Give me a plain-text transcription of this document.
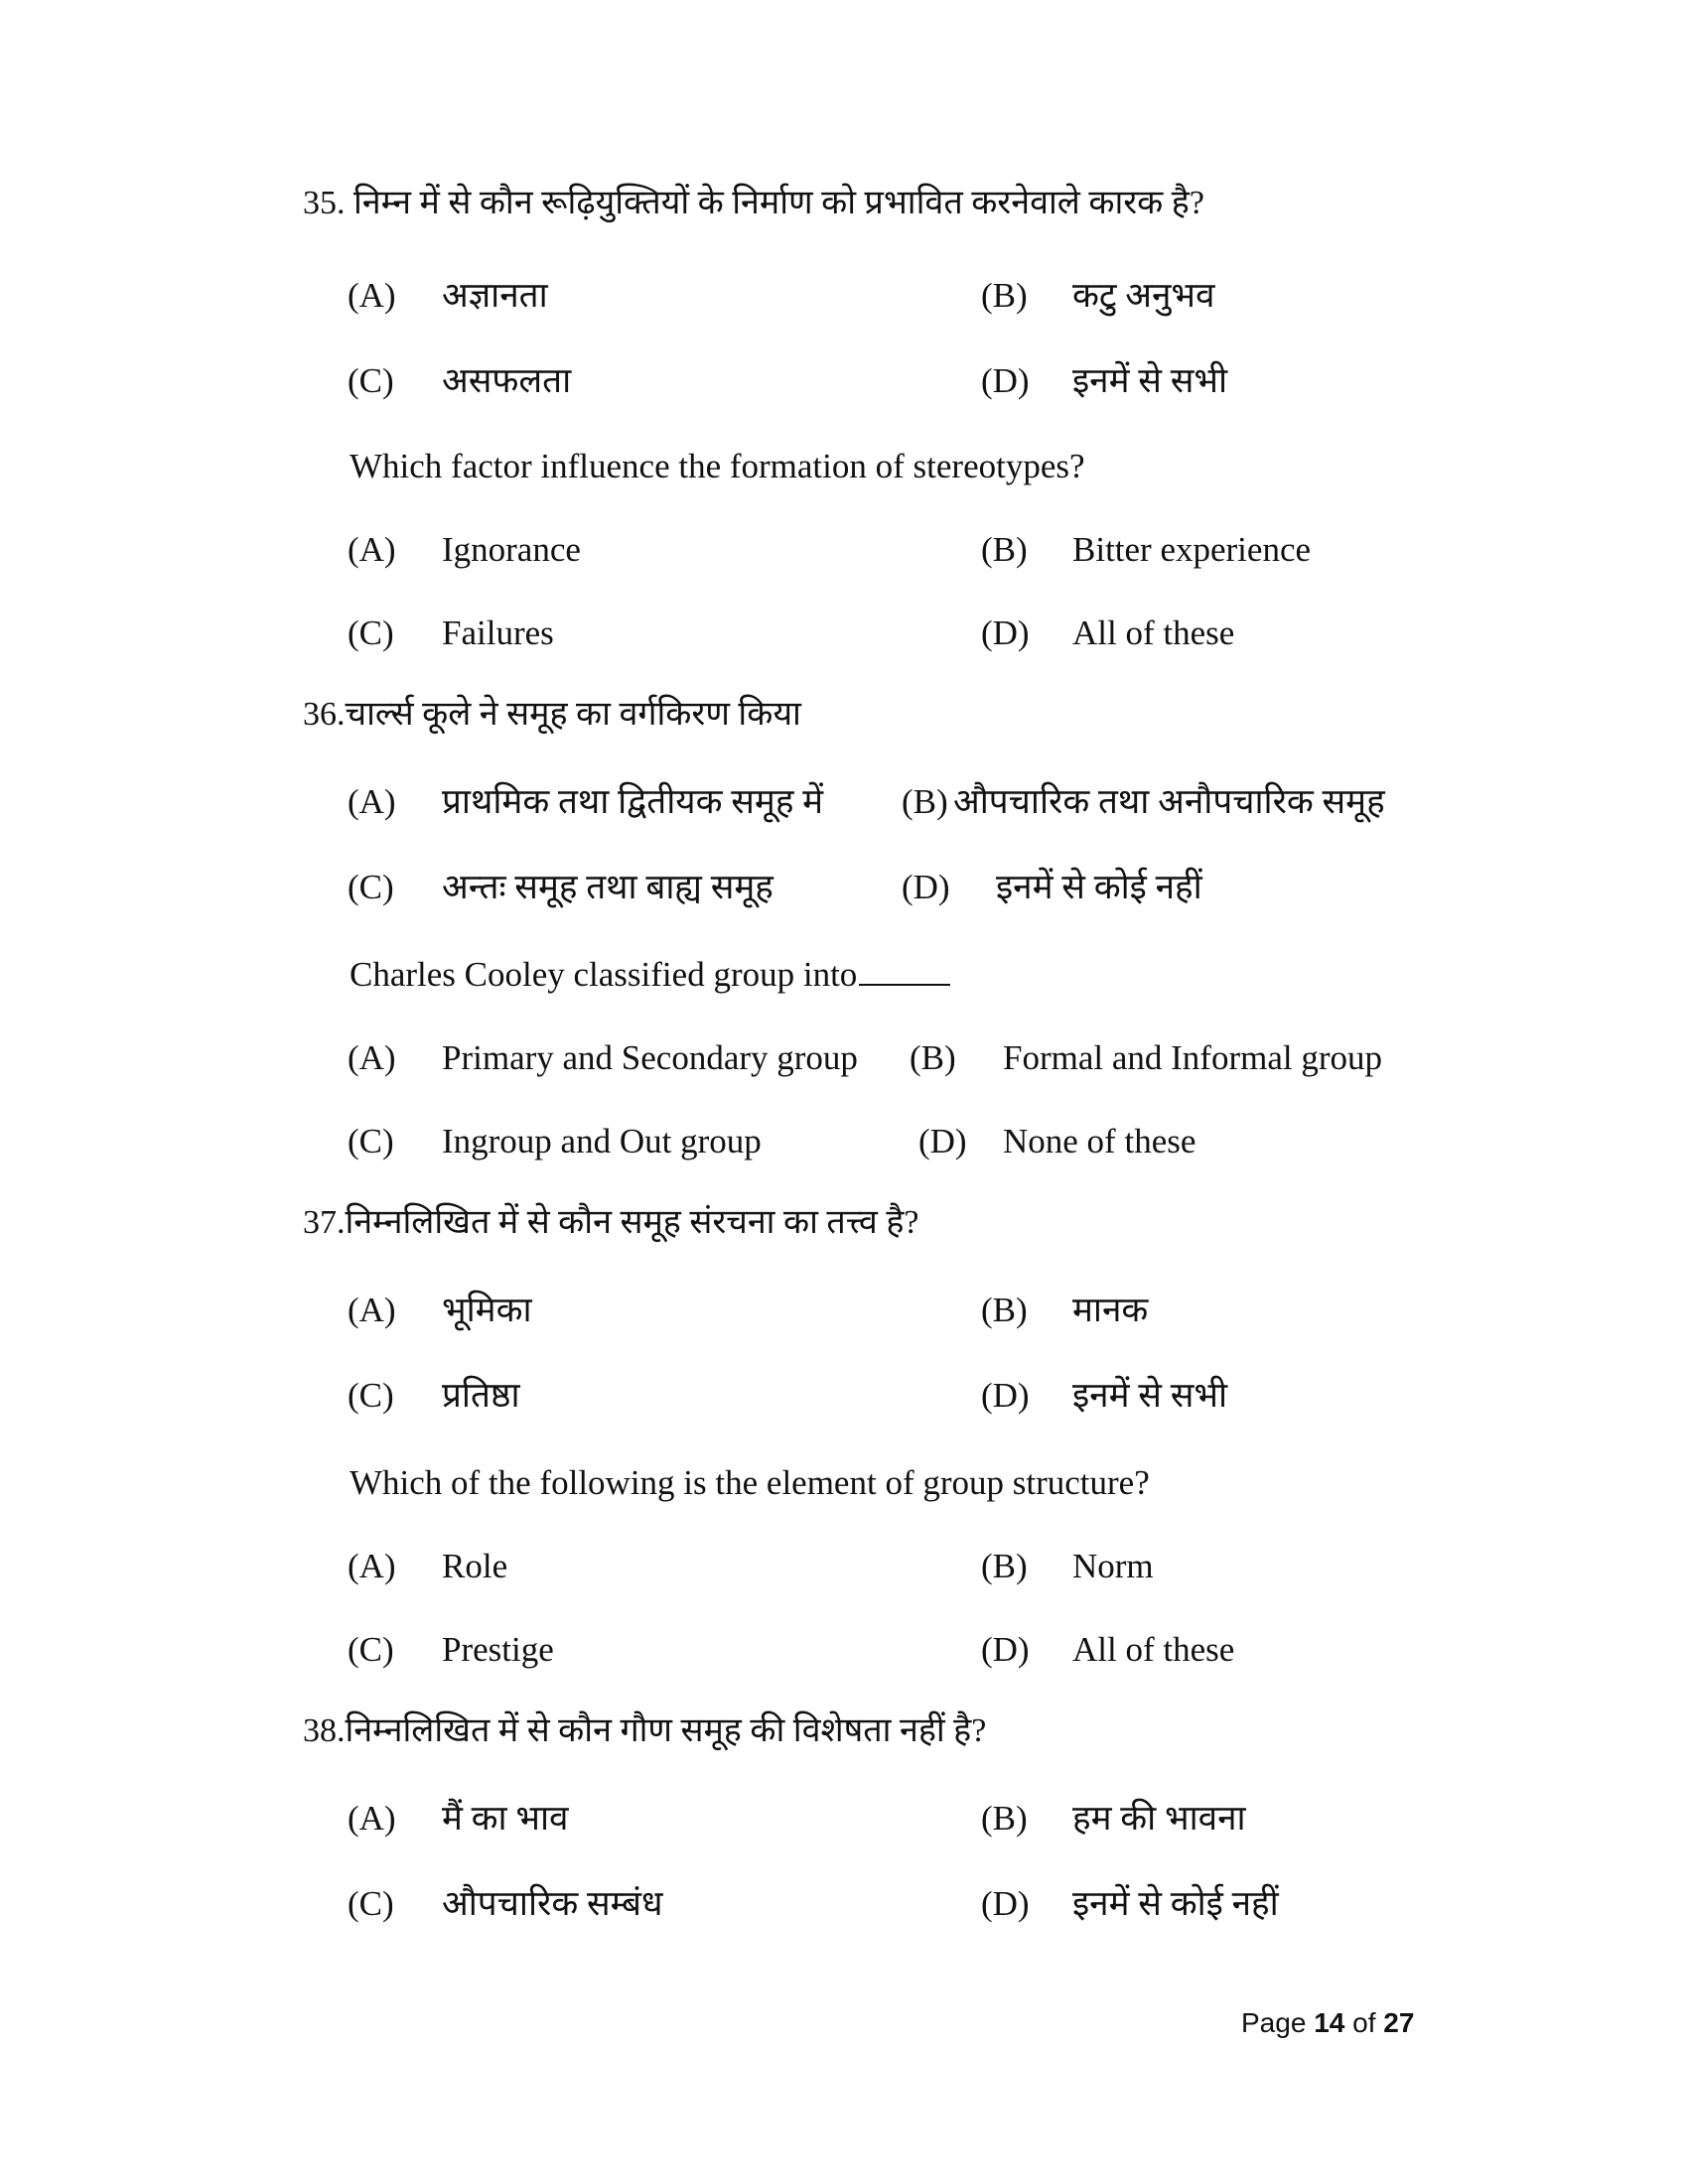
35. निम्न में से कौन रूढ़ियुक्तियों के निर्माण को प्रभावित करनेवाले कारक है?
(A) अज्ञानता	(B) कटु अनुभव
(C) असफलता	(D) इनमें से सभी
Which factor influence the formation of stereotypes?
(A) Ignorance	(B) Bitter experience
(C) Failures	(D) All of these
36.चार्ल्स कूले ने समूह का वर्गकिरण किया
(A) प्राथमिक तथा द्वितीयक समूह में (B) औपचारिक तथा अनौपचारिक समूह
(C) अन्तः समूह तथा बाह्य समूह	(D) इनमें से कोई नहीं
Charles Cooley classified group into
(A) Primary and Secondary group (B) Formal and Informal group
(C) Ingroup and Out group	(D) None of these
37.निम्नलिखित में से कौन समूह संरचना का तत्त्व है?
(A) भूमिका	(B) मानक
(C) प्रतिष्ठा	(D) इनमें से सभी
Which of the following is the element of group structure?
(A) Role	(B) Norm
(C) Prestige	(D) All of these
38.निम्नलिखित में से कौन गौण समूह की विशेषता नहीं है?
(A) मैं का भाव	(B) हम की भावना
(C) औपचारिक सम्बंध	(D) इनमें से कोई नहीं
Page 14 of 27
